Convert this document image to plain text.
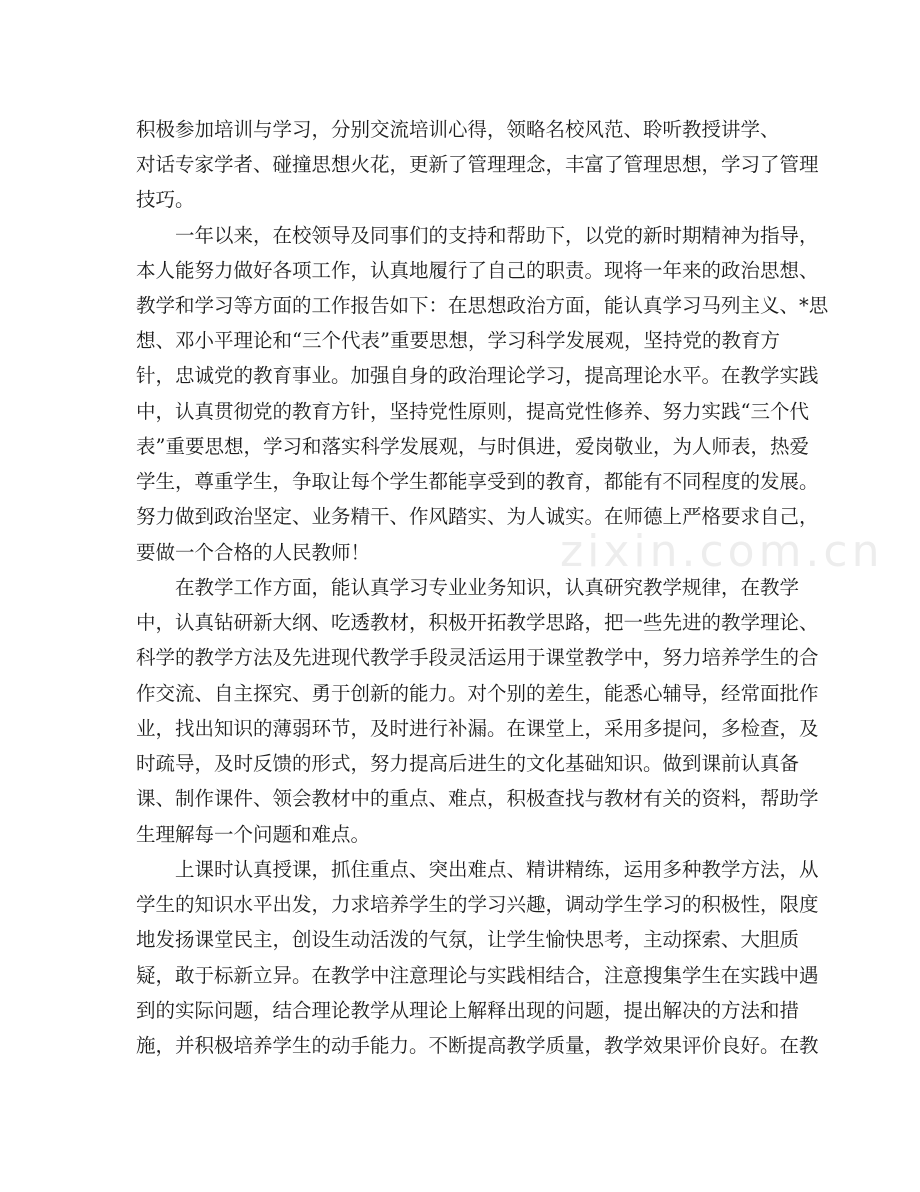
zixin.com.cn
积极参加培训与学习，分别交流培训心得，领略名校风范、聆听教授讲学、
对话专家学者、碰撞思想火花，更新了管理理念，丰富了管理思想，学习了管理
技巧。
一年以来，在校领导及同事们的支持和帮助下，以党的新时期精神为指导，
本人能努力做好各项工作，认真地履行了自己的职责。现将一年来的政治思想、
教学和学习等方面的工作报告如下：在思想政治方面，能认真学习马列主义、*思
想、邓小平理论和“三个代表”重要思想，学习科学发展观，坚持党的教育方
针，忠诚党的教育事业。加强自身的政治理论学习，提高理论水平。在教学实践
中，认真贯彻党的教育方针，坚持党性原则，提高党性修养、努力实践“三个代
表”重要思想，学习和落实科学发展观，与时俱进，爱岗敬业，为人师表，热爱
学生，尊重学生，争取让每个学生都能享受到的教育，都能有不同程度的发展。
努力做到政治坚定、业务精干、作风踏实、为人诚实。在师德上严格要求自己，
要做一个合格的人民教师！
在教学工作方面，能认真学习专业业务知识，认真研究教学规律，在教学
中，认真钻研新大纲、吃透教材，积极开拓教学思路，把一些先进的教学理论、
科学的教学方法及先进现代教学手段灵活运用于课堂教学中，努力培养学生的合
作交流、自主探究、勇于创新的能力。对个别的差生，能悉心辅导，经常面批作
业，找出知识的薄弱环节，及时进行补漏。在课堂上，采用多提问，多检查，及
时疏导，及时反馈的形式，努力提高后进生的文化基础知识。做到课前认真备
课、制作课件、领会教材中的重点、难点，积极查找与教材有关的资料，帮助学
生理解每一个问题和难点。
上课时认真授课，抓住重点、突出难点、精讲精练，运用多种教学方法，从
学生的知识水平出发，力求培养学生的学习兴趣，调动学生学习的积极性，限度
地发扬课堂民主，创设生动活泼的气氛，让学生愉快思考，主动探索、大胆质
疑，敢于标新立异。在教学中注意理论与实践相结合，注意搜集学生在实践中遇
到的实际问题，结合理论教学从理论上解释出现的问题，提出解决的方法和措
施，并积极培养学生的动手能力。不断提高教学质量，教学效果评价良好。在教
